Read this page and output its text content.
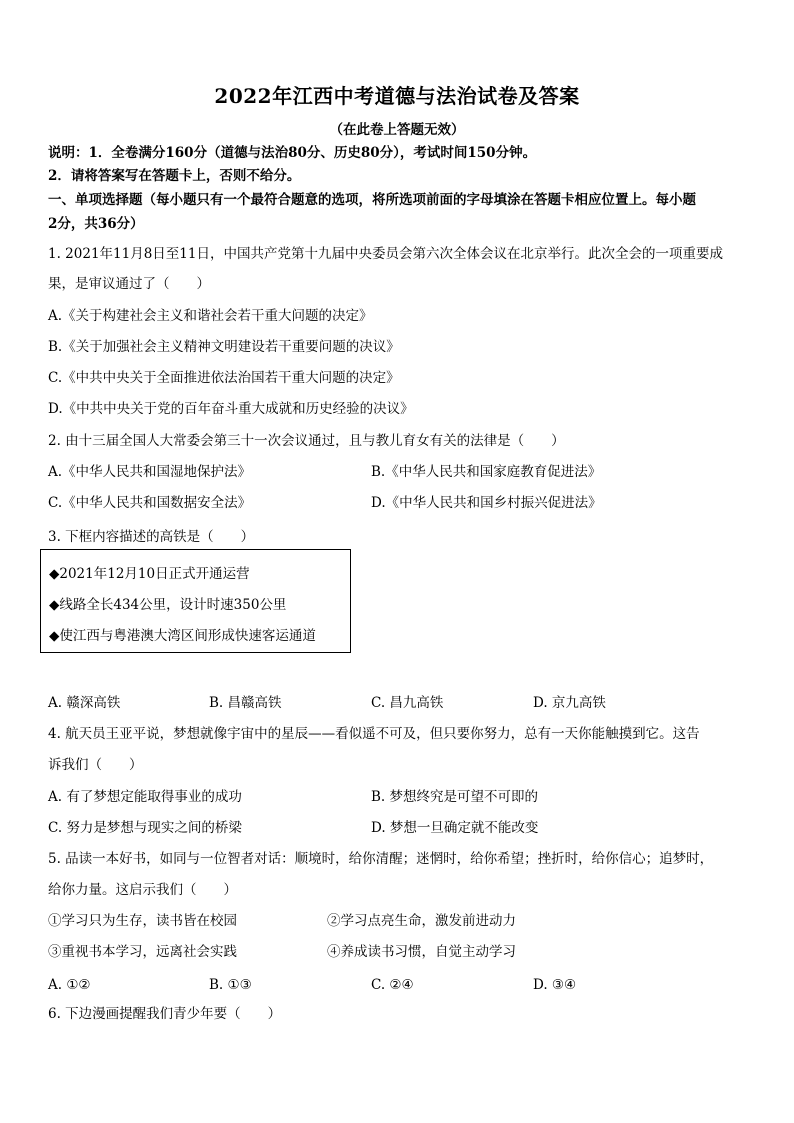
2022年江西中考道德与法治试卷及答案
（在此卷上答题无效）
说明：1．全卷满分160分（道德与法治80分、历史80分），考试时间150分钟。
2．请将答案写在答题卡上，否则不给分。
一、单项选择题（每小题只有一个最符合题意的选项，将所选项前面的字母填涂在答题卡相应位置上。每小题
2分，共36分）
1. 2021年11月8日至11日，中国共产党第十九届中央委员会第六次全体会议在北京举行。此次全会的一项重要成
果，是审议通过了（　　）
A.《关于构建社会主义和谐社会若干重大问题的决定》
B.《关于加强社会主义精神文明建设若干重要问题的决议》
C.《中共中央关于全面推进依法治国若干重大问题的决定》
D.《中共中央关于党的百年奋斗重大成就和历史经验的决议》
2. 由十三届全国人大常委会第三十一次会议通过，且与教儿育女有关的法律是（　　）
A.《中华人民共和国湿地保护法》	B.《中华人民共和国家庭教育促进法》
C.《中华人民共和国数据安全法》	D.《中华人民共和国乡村振兴促进法》
3. 下框内容描述的高铁是（　　）
◆2021年12月10日正式开通运营
◆线路全长434公里，设计时速350公里
◆使江西与粤港澳大湾区间形成快速客运通道
A. 赣深高铁	B. 昌赣高铁	C. 昌九高铁	D. 京九高铁
4. 航天员王亚平说，梦想就像宇宙中的星辰——看似遥不可及，但只要你努力，总有一天你能触摸到它。这告
诉我们（　　）
A. 有了梦想定能取得事业的成功	B. 梦想终究是可望不可即的
C. 努力是梦想与现实之间的桥梁	D. 梦想一旦确定就不能改变
5. 品读一本好书，如同与一位智者对话：顺境时，给你清醒；迷惘时，给你希望；挫折时，给你信心；追梦时，
给你力量。这启示我们（　　）
①学习只为生存，读书皆在校园	②学习点亮生命，激发前进动力
③重视书本学习，远离社会实践	④养成读书习惯，自觉主动学习
A. ①②	B. ①③	C. ②④	D. ③④
6. 下边漫画提醒我们青少年要（　　）
